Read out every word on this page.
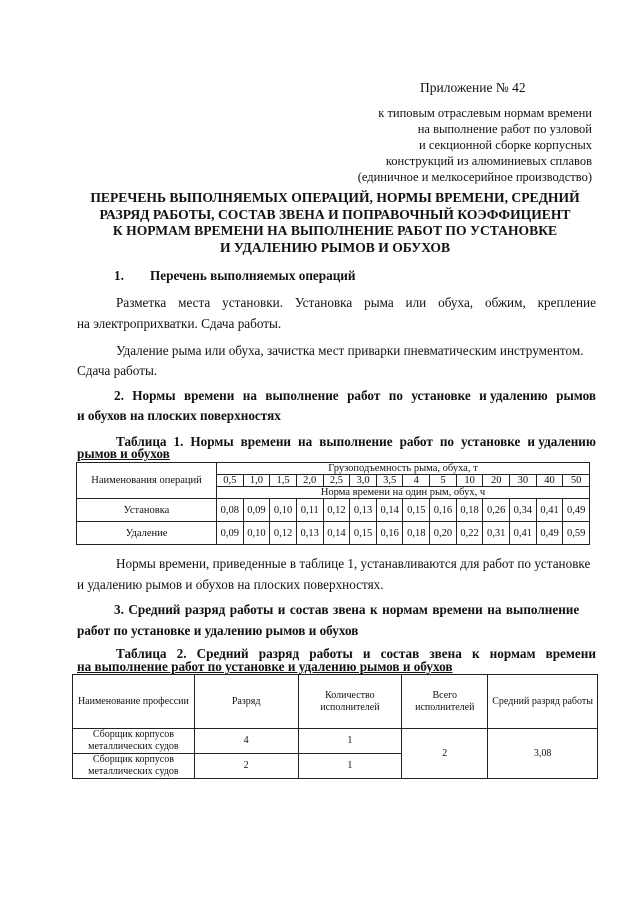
Приложение № 42

к типовым отраслевым нормам времени

на выполнение работ по узловой

и секционной сборке корпусных

конструкций из алюминиевых сплавов

(единичное и мелкосерийное производство)

ПЕРЕЧЕНЬ ВЫПОЛНЯЕМЫХ ОПЕРАЦИЙ, НОРМЫ ВРЕМЕНИ, СРЕДНИЙ
РАЗРЯД РАБОТЫ, СОСТАВ ЗВЕНА И ПОПРАВОЧНЫЙ КОЭФФИЦИЕНТ
К НОРМАМ ВРЕМЕНИ НА ВЫПОЛНЕНИЕ РАБОТ ПО УСТАНОВКЕ
И УДАЛЕНИЮ РЫМОВ И ОБУХОВ

1. Перечень выполняемых операций

Разметка места установки. Установка рыма или обуха, обжим, крепление

на электроприхватки. Сдача работы.

Удаление рыма или обуха, зачистка мест приварки пневматическим инструментом.

Сдача работы.

2. Нормы времени на выполнение работ по установке и удалению рымов

и обухов на плоских поверхностях

Таблица 1. Нормы времени на выполнение работ по установке и удалению

рымов и обухов

Наименования операций	Грузоподъемность рыма, обуха, т													
	0,5	1,0	1,5	2,0	2,5	3,0	3,5	4	5	10	20	30	40	50
	Норма времени на один рым, обух, ч													
Установка	0,08	0,09	0,10	0,11	0,12	0,13	0,14	0,15	0,16	0,18	0,26	0,34	0,41	0,49
Удаление	0,09	0,10	0,12	0,13	0,14	0,15	0,16	0,18	0,20	0,22	0,31	0,41	0,49	0,59

Нормы времени, приведенные в таблице 1, устанавливаются для работ по установке

и удалению рымов и обухов на плоских поверхностях.

3. Средний разряд работы и состав звена к нормам времени на выполнение

работ по установке и удалению рымов и обухов

Таблица 2. Средний разряд работы и состав звена к нормам времени

на выполнение работ по установке и удалению рымов и обухов

Наименование профессии	Разряд	Количество исполнителей	Всего исполнителей	Средний разряд работы
Сборщик корпусов металлических судов	4	1	2	3,08
Сборщик корпусов металлических судов	2	1		
